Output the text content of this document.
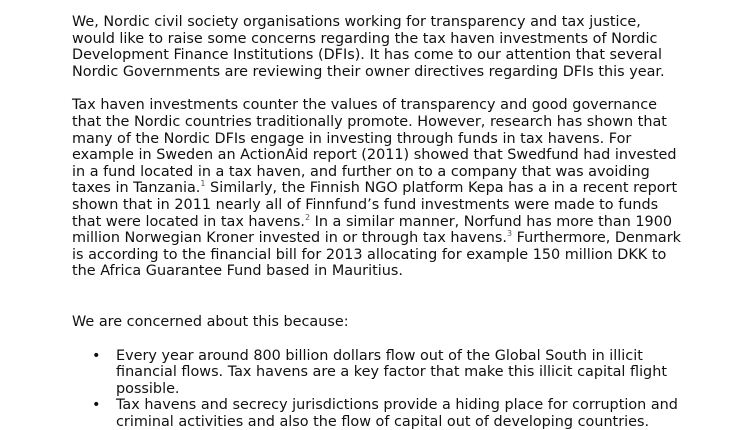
We, Nordic civil society organisations working for transparency and tax justice, would like to raise some concerns regarding the tax haven investments of Nordic Development Finance Institutions (DFIs). It has come to our attention that several Nordic Governments are reviewing their owner directives regarding DFIs this year.

Tax haven investments counter the values of transparency and good governance that the Nordic countries traditionally promote. However, research has shown that many of the Nordic DFIs engage in investing through funds in tax havens. For example in Sweden an ActionAid report (2011) showed that Swedfund had invested in a fund located in a tax haven, and further on to a company that was avoiding taxes in Tanzania.$^1$ Similarly, the Finnish NGO platform Kepa has a in a recent report shown that in 2011 nearly all of Finnfund’s fund investments were made to funds that were located in tax havens.$^2$ In a similar manner, Norfund has more than 1900 million Norwegian Kroner invested in or through tax havens.$^3$ Furthermore, Denmark is according to the financial bill for 2013 allocating for example 150 million DKK to the Africa Guarantee Fund based in Mauritius.

We are concerned about this because:

• Every year around 800 billion dollars flow out of the Global South in illicit financial flows. Tax havens are a key factor that make this illicit capital flight possible.
• Tax havens and secrecy jurisdictions provide a hiding place for corruption and criminal activities and also the flow of capital out of developing countries.
